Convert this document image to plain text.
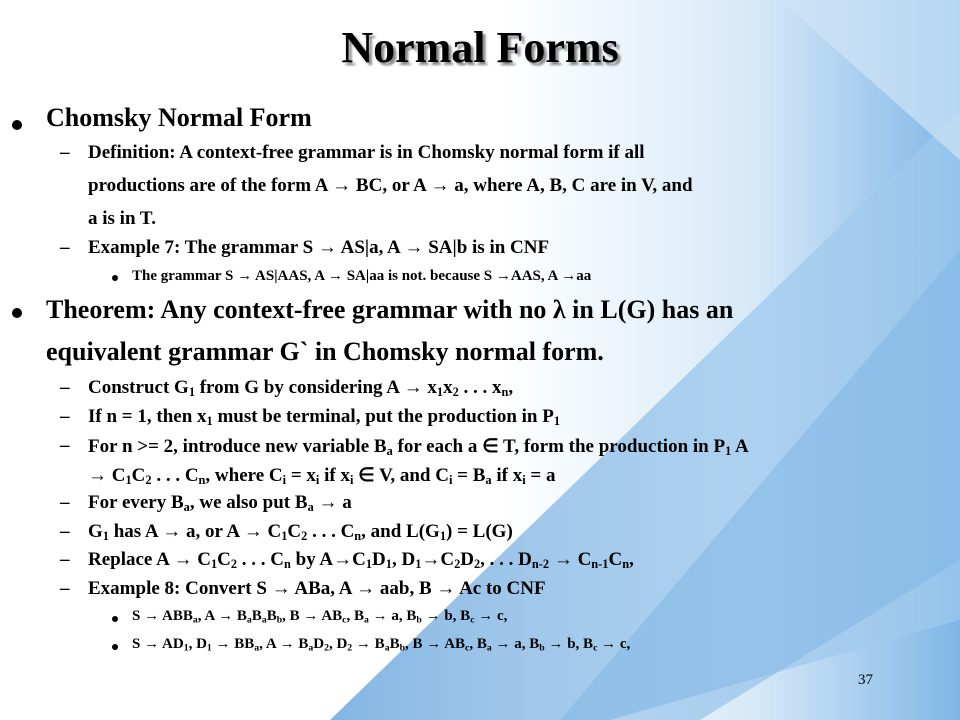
Normal Forms
Chomsky Normal Form
– Definition: A context-free grammar is in Chomsky normal form if all
productions are of the form A → BC, or A → a, where A, B, C are in V, and
a is in T.
– Example 7: The grammar S → AS|a, A → SA|b is in CNF
The grammar S → AS|AAS, A → SA|aa is not. because S →AAS, A →aa
Theorem: Any context-free grammar with no λ in L(G) has an
equivalent grammar G` in Chomsky normal form.
– Construct $G_1$ from G by considering $A \to x_1x_2$ . . . $x_n$,
– If n = 1, then $x_1$ must be terminal, put the production in $P_1$
– For n >= 2, introduce new variable $B_a$ for each a ∈ T, form the production in $P_1$ A
→ $C_1C_2$ . . . $C_n$, where $C_i = x_i$ if $x_i$ ∈ V, and $C_i = B_a$ if $x_i = a$
– For every $B_a$, we also put $B_a \to a$
– $G_1$ has A → a, or $A \to C_1C_2$ . . . $C_n$, and $L(G_1) = L(G)$
– Replace $A \to C_1C_2$ . . . $C_n$ by $A\to C_1D_1$, $D_1\to C_2D_2$, . . . $D_{n-2} \to C_{n-1}C_n$,
– Example 8: Convert S → ABa, A → aab, B → Ac to CNF
$S \to ABB_a$, $A \to B_aB_aB_b$, $B \to AB_c$, $B_a \to a$, $B_b \to b$, $B_c \to c$,
$S \to AD_1$, $D_1 \to BB_a$, $A \to B_aD_2$, $D_2 \to B_aB_b$, $B \to AB_c$, $B_a \to a$, $B_b \to b$, $B_c \to c$,
37
